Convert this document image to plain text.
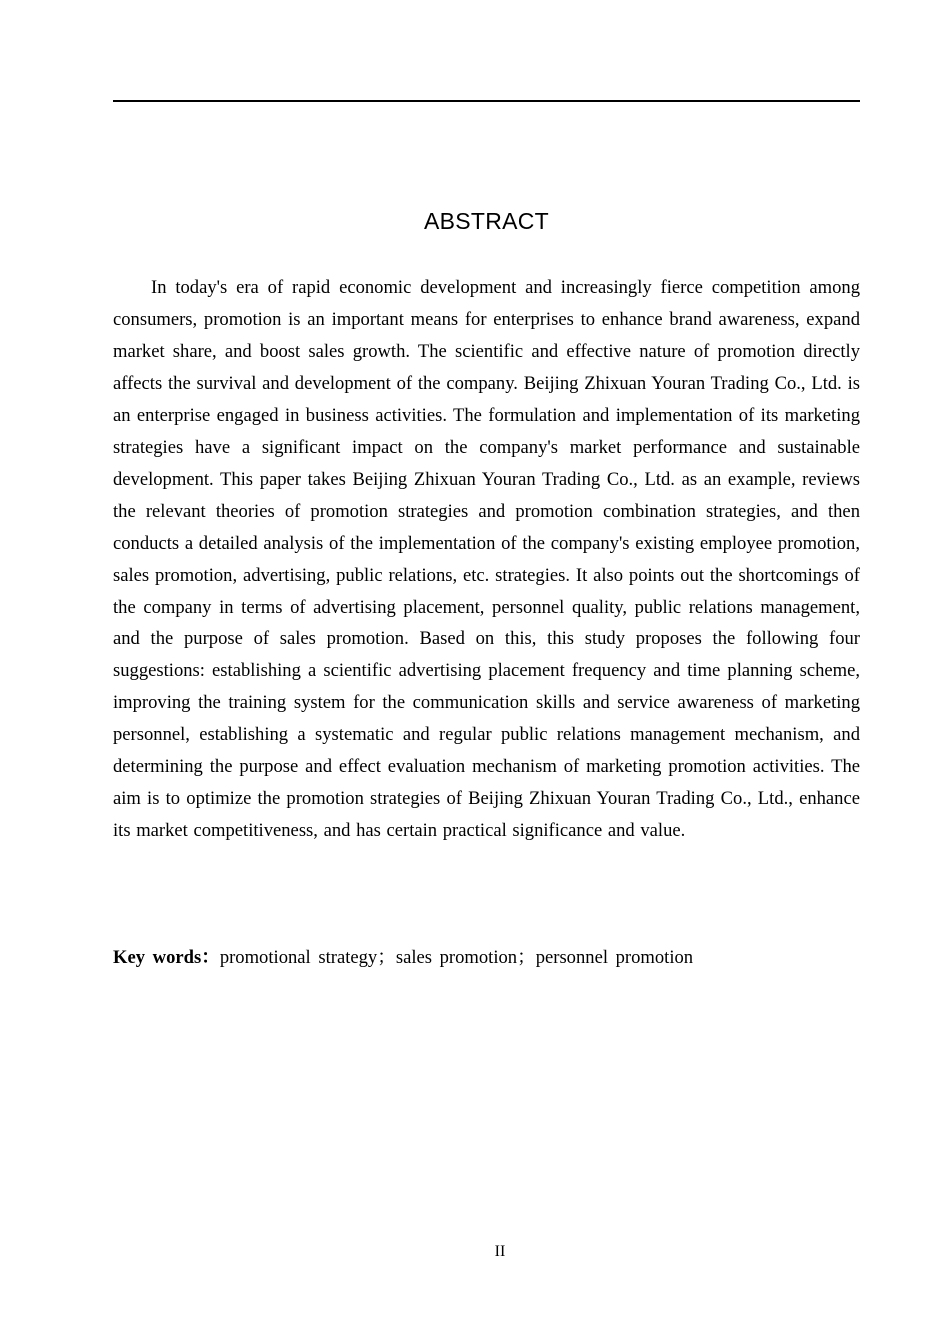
ABSTRACT

In today's era of rapid economic development and increasingly fierce competition among consumers, promotion is an important means for enterprises to enhance brand awareness, expand market share, and boost sales growth. The scientific and effective nature of promotion directly affects the survival and development of the company. Beijing Zhixuan Youran Trading Co., Ltd. is an enterprise engaged in business activities. The formulation and implementation of its marketing strategies have a significant impact on the company's market performance and sustainable development. This paper takes Beijing Zhixuan Youran Trading Co., Ltd. as an example, reviews the relevant theories of promotion strategies and promotion combination strategies, and then conducts a detailed analysis of the implementation of the company's existing employee promotion, sales promotion, advertising, public relations, etc. strategies. It also points out the shortcomings of the company in terms of advertising placement, personnel quality, public relations management, and the purpose of sales promotion. Based on this, this study proposes the following four suggestions: establishing a scientific advertising placement frequency and time planning scheme, improving the training system for the communication skills and service awareness of marketing personnel, establishing a systematic and regular public relations management mechanism, and determining the purpose and effect evaluation mechanism of marketing promotion activities. The aim is to optimize the promotion strategies of Beijing Zhixuan Youran Trading Co., Ltd., enhance its market competitiveness, and has certain practical significance and value.

Key words：promotional strategy；sales promotion；personnel promotion
II
